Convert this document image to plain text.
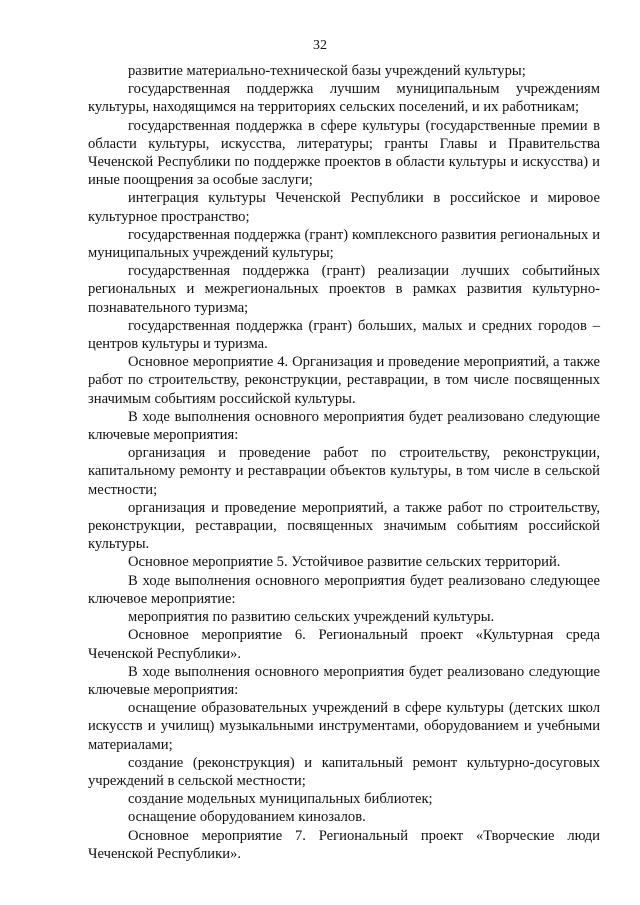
32

развитие материально-технической базы учреждений культуры;

государственная поддержка лучшим муниципальным учреждениям культуры, находящимся на территориях сельских поселений, и их работникам;

государственная поддержка в сфере культуры (государственные премии в области культуры, искусства, литературы; гранты Главы и Правительства Чеченской Республики по поддержке проектов в области культуры и искусства) и иные поощрения за особые заслуги;

интеграция культуры Чеченской Республики в российское и мировое культурное пространство;

государственная поддержка (грант) комплексного развития региональных и муниципальных учреждений культуры;

государственная поддержка (грант) реализации лучших событийных региональных и межрегиональных проектов в рамках развития культурно-познавательного туризма;

государственная поддержка (грант) больших, малых и средних городов – центров культуры и туризма.

Основное мероприятие 4. Организация и проведение мероприятий, а также работ по строительству, реконструкции, реставрации, в том числе посвященных значимым событиям российской культуры.

В ходе выполнения основного мероприятия будет реализовано следующие ключевые мероприятия:

организация и проведение работ по строительству, реконструкции, капитальному ремонту и реставрации объектов культуры, в том числе в сельской местности;

организация и проведение мероприятий, а также работ по строительству, реконструкции, реставрации, посвященных значимым событиям российской культуры.

Основное мероприятие 5. Устойчивое развитие сельских территорий.

В ходе выполнения основного мероприятия будет реализовано следующее ключевое мероприятие:

мероприятия по развитию сельских учреждений культуры.

Основное мероприятие 6. Региональный проект «Культурная среда Чеченской Республики».

В ходе выполнения основного мероприятия будет реализовано следующие ключевые мероприятия:

оснащение образовательных учреждений в сфере культуры (детских школ искусств и училищ) музыкальными инструментами, оборудованием и учебными материалами;

создание (реконструкция) и капитальный ремонт культурно-досуговых учреждений в сельской местности;

создание модельных муниципальных библиотек;

оснащение оборудованием кинозалов.

Основное мероприятие 7. Региональный проект «Творческие люди Чеченской Республики».
